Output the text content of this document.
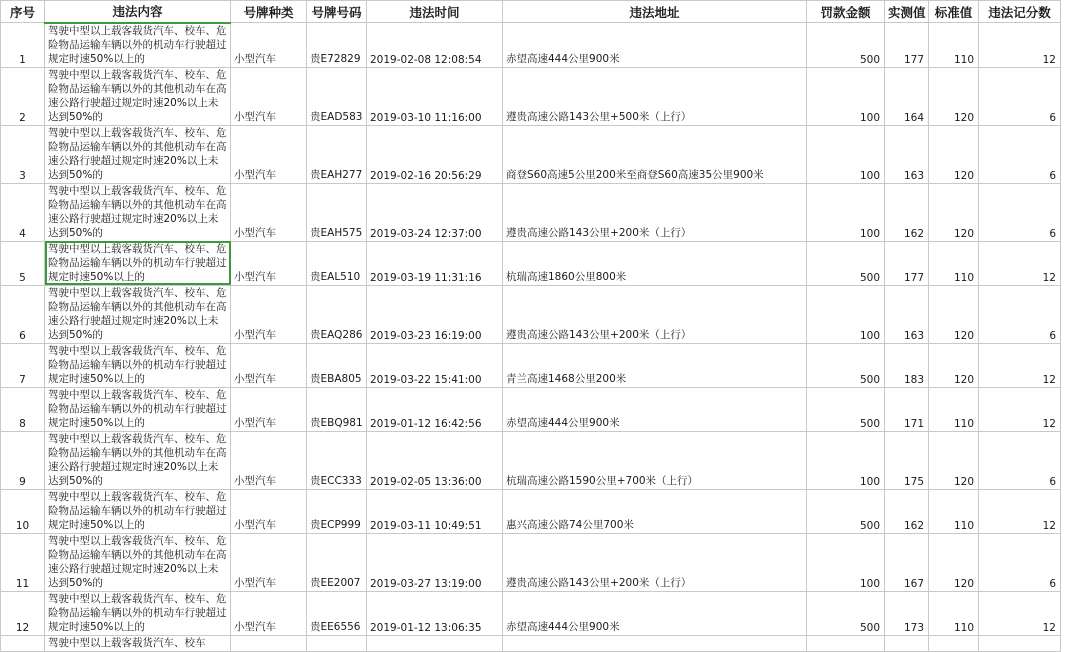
序号	违法内容	号牌种类	号牌号码	违法时间	违法地址	罚款金额	实测值	标准值	违法记分数
1	驾驶中型以上载客载货汽车、校车、危险物品运输车辆以外的机动车行驶超过规定时速50%以上的	小型汽车	贵E72829	2019-02-08 12:08:54	赤望高速444公里900米	500	177	110	12
2	驾驶中型以上载客载货汽车、校车、危险物品运输车辆以外的其他机动车在高速公路行驶超过规定时速20%以上未达到50%的	小型汽车	贵EAD583	2019-03-10 11:16:00	遵贵高速公路143公里+500米（上行）	100	164	120	6
3	驾驶中型以上载客载货汽车、校车、危险物品运输车辆以外的其他机动车在高速公路行驶超过规定时速20%以上未达到50%的	小型汽车	贵EAH277	2019-02-16 20:56:29	商登S60高速5公里200米至商登S60高速35公里900米	100	163	120	6
4	驾驶中型以上载客载货汽车、校车、危险物品运输车辆以外的其他机动车在高速公路行驶超过规定时速20%以上未达到50%的	小型汽车	贵EAH575	2019-03-24 12:37:00	遵贵高速公路143公里+200米（上行）	100	162	120	6
5	驾驶中型以上载客载货汽车、校车、危险物品运输车辆以外的机动车行驶超过规定时速50%以上的	小型汽车	贵EAL510	2019-03-19 11:31:16	杭瑞高速1860公里800米	500	177	110	12
6	驾驶中型以上载客载货汽车、校车、危险物品运输车辆以外的其他机动车在高速公路行驶超过规定时速20%以上未达到50%的	小型汽车	贵EAQ286	2019-03-23 16:19:00	遵贵高速公路143公里+200米（上行）	100	163	120	6
7	驾驶中型以上载客载货汽车、校车、危险物品运输车辆以外的机动车行驶超过规定时速50%以上的	小型汽车	贵EBA805	2019-03-22 15:41:00	青兰高速1468公里200米	500	183	120	12
8	驾驶中型以上载客载货汽车、校车、危险物品运输车辆以外的机动车行驶超过规定时速50%以上的	小型汽车	贵EBQ981	2019-01-12 16:42:56	赤望高速444公里900米	500	171	110	12
9	驾驶中型以上载客载货汽车、校车、危险物品运输车辆以外的其他机动车在高速公路行驶超过规定时速20%以上未达到50%的	小型汽车	贵ECC333	2019-02-05 13:36:00	杭瑞高速公路1590公里+700米（上行）	100	175	120	6
10	驾驶中型以上载客载货汽车、校车、危险物品运输车辆以外的机动车行驶超过规定时速50%以上的	小型汽车	贵ECP999	2019-03-11 10:49:51	惠兴高速公路74公里700米	500	162	110	12
11	驾驶中型以上载客载货汽车、校车、危险物品运输车辆以外的其他机动车在高速公路行驶超过规定时速20%以上未达到50%的	小型汽车	贵EE2007	2019-03-27 13:19:00	遵贵高速公路143公里+200米（上行）	100	167	120	6
12	驾驶中型以上载客载货汽车、校车、危险物品运输车辆以外的机动车行驶超过规定时速50%以上的	小型汽车	贵EE6556	2019-01-12 13:06:35	赤望高速444公里900米	500	173	110	12
	驾驶中型以上载客载货汽车、校车								
